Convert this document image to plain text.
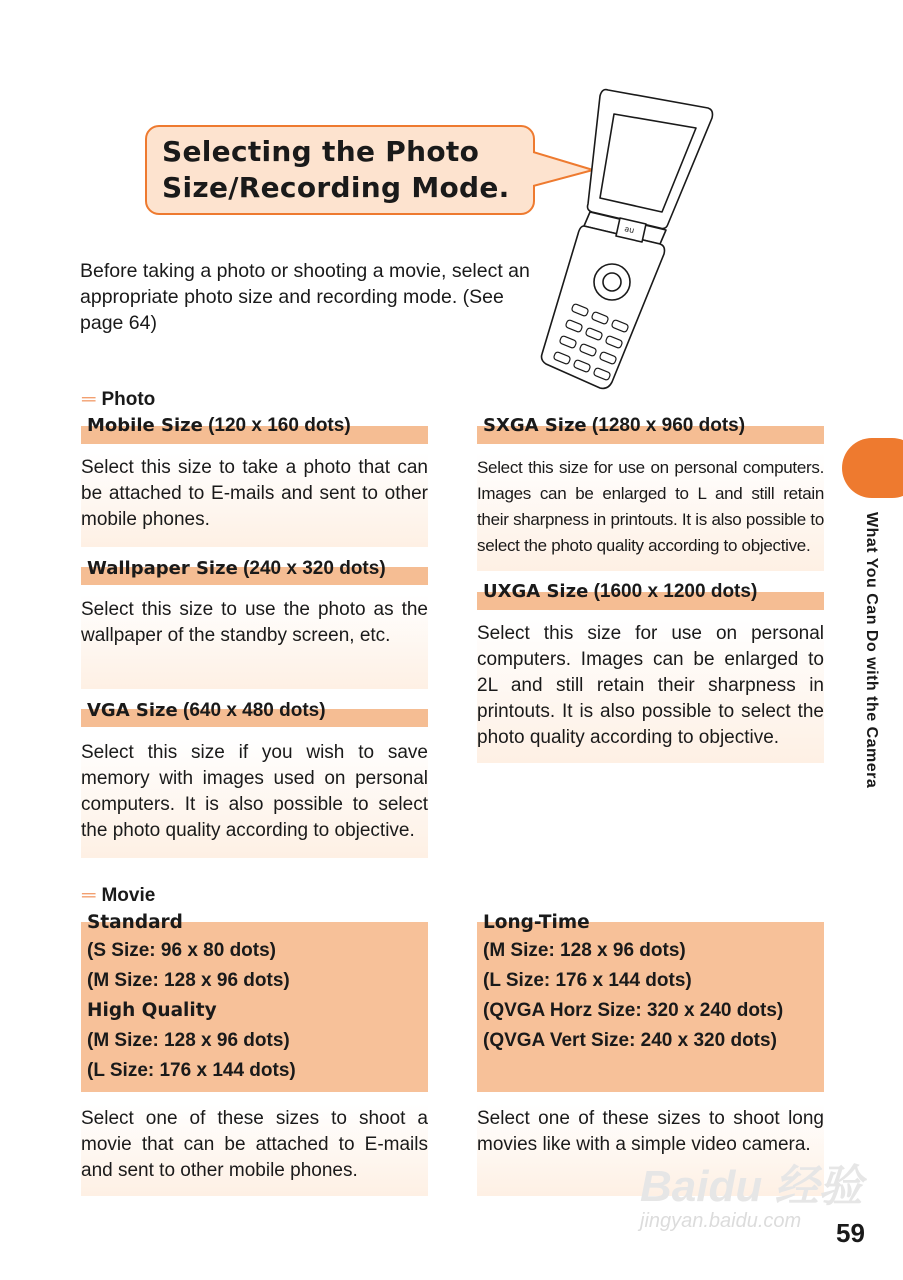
Selecting the Photo Size/Recording Mode.
Before taking a photo or shooting a movie, select an appropriate photo size and recording mode. (See page 64)
au
═ Photo
Mobile Size (120 x 160 dots)
Select this size to take a photo that can be attached to E-mails and sent to other mobile phones.
Wallpaper Size (240 x 320 dots)
Select this size to use the photo as the wallpaper of the standby screen, etc.
VGA Size (640 x 480 dots)
Select this size if you wish to save memory with images used on personal computers. It is also possible to select the photo quality according to objective.
SXGA Size (1280 x 960 dots)
Select this size for use on personal computers. Images can be enlarged to L and still retain their sharpness in printouts. It is also possible to select the photo quality according to objective.
UXGA Size (1600 x 1200 dots)
Select this size for use on personal computers. Images can be enlarged to 2L and still retain their sharpness in printouts. It is also possible to select the photo quality according to objective.
═ Movie
Standard
(S Size: 96 x 80 dots)
(M Size: 128 x 96 dots)
High Quality
(M Size: 128 x 96 dots)
(L Size: 176 x 144 dots)
Select one of these sizes to shoot a movie that can be attached to E-mails and sent to other mobile phones.
Long-Time
(M Size: 128 x 96 dots)
(L Size: 176 x 144 dots)
(QVGA Horz Size: 320 x 240 dots)
(QVGA Vert Size: 240 x 320 dots)
Select one of these sizes to shoot long movies like with a simple video camera.
What You Can Do with the Camera
Baidu 经验
jingyan.baidu.com 59
